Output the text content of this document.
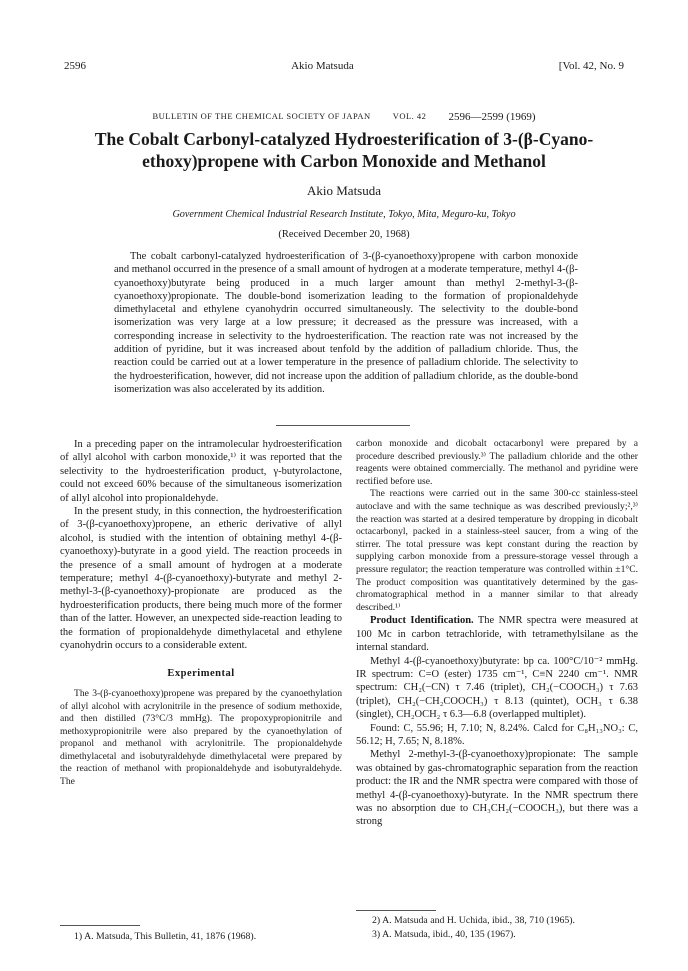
2596	Akio Matsuda	[Vol. 42, No. 9
BULLETIN OF THE CHEMICAL SOCIETY OF JAPAN	VOL. 42 2596—2599 (1969)
The Cobalt Carbonyl-catalyzed Hydroesterification of 3-(β-Cyano-
ethoxy)propene with Carbon Monoxide and Methanol
Akio Matsuda
Government Chemical Industrial Research Institute, Tokyo, Mita, Meguro-ku, Tokyo
(Received December 20, 1968)

The cobalt carbonyl-catalyzed hydroesterification of 3-(β-cyanoethoxy)propene with carbon monoxide and methanol occurred in the presence of a small amount of hydrogen at a moderate temperature, methyl 4-(β-cyanoethoxy)butyrate being produced in a much larger amount than methyl 2-methyl-3-(β-cyanoethoxy)propionate. The double-bond isomerization leading to the formation of propionaldehyde dimethylacetal and ethylene cyanohydrin occurred simultaneously. The selectivity to the double-bond isomerization was very large at a low pressure; it decreased as the pressure was increased, with a corresponding increase in selectivity to the hydroesterification. The reaction rate was not increased by the addition of pyridine, but it was increased about tenfold by the addition of palladium chloride. Thus, the reaction could be carried out at a lower temperature in the presence of palladium chloride. The selectivity to the hydroesterification, however, did not increase upon the addition of palladium chloride, as the double-bond isomerization was also accelerated by its addition.

In a preceding paper on the intramolecular hydroesterification of allyl alcohol with carbon monoxide,¹⁾ it was reported that the selectivity to the hydroesterification product, γ-butyrolactone, could not exceed 60% because of the simultaneous isomerization of allyl alcohol into propionaldehyde.

In the present study, in this connection, the hydroesterification of 3-(β-cyanoethoxy)propene, an etheric derivative of allyl alcohol, is studied with the intention of obtaining methyl 4-(β-cyanoethoxy)-butyrate in a good yield. The reaction proceeds in the presence of a small amount of hydrogen at a moderate temperature; methyl 4-(β-cyanoethoxy)-butyrate and methyl 2-methyl-3-(β-cyanoethoxy)-propionate are produced as the hydroesterification products, there being much more of the former than of the latter. However, an unexpected side-reaction leading to the formation of propionaldehyde dimethylacetal and ethylene cyanohydrin occurs to a considerable extent.

Experimental

The 3-(β-cyanoethoxy)propene was prepared by the cyanoethylation of allyl alcohol with acrylonitrile in the presence of sodium methoxide, and then distilled (73°C/3 mmHg). The propoxypropionitrile and methoxypropionitrile were also prepared by the cyanoethylation of propanol and methanol with acrylonitrile. The propionaldehyde dimethylacetal and isobutyraldehyde dimethylacetal were prepared by the reaction of methanol with propionaldehyde and isobutyraldehyde. The

1) A. Matsuda, This Bulletin, 41, 1876 (1968).

carbon monoxide and dicobalt octacarbonyl were prepared by a procedure described previously.³⁾ The palladium chloride and the other reagents were obtained commercially. The methanol and pyridine were rectified before use.

The reactions were carried out in the same 300-cc stainless-steel autoclave and with the same technique as was described previously;²,³⁾ the reaction was started at a desired temperature by dropping in dicobalt octacarbonyl, packed in a stainless-steel saucer, from a wing of the stirrer. The total pressure was kept constant during the reaction by supplying carbon monoxide from a pressure-storage vessel through a pressure regulator; the reaction temperature was controlled within ±1°C. The product composition was quantitatively determined by the gas-chromatographical method in a manner similar to that already described.¹⁾

Product Identification. The NMR spectra were measured at 100 Mc in carbon tetrachloride, with tetramethylsilane as the internal standard.

Methyl 4-(β-cyanoethoxy)butyrate: bp ca. 100°C/10⁻² mmHg. IR spectrum: C=O (ester) 1735 cm⁻¹, C≡N 2240 cm⁻¹. NMR spectrum: CH₂(−CN) τ 7.46 (triplet), CH₂(−COOCH₃) τ 7.63 (triplet), CH₂(−CH₂COOCH₃) τ 8.13 (quintet), OCH₃ τ 6.38 (singlet), CH₂OCH₂ τ 6.3—6.8 (overlapped multiplet).

Found: C, 55.96; H, 7.10; N, 8.24%. Calcd for C₈H₁₃NO₃: C, 56.12; H, 7.65; N, 8.18%.

Methyl 2-methyl-3-(β-cyanoethoxy)propionate: The sample was obtained by gas-chromatographic separation from the reaction product: the IR and the NMR spectra were compared with those of methyl 4-(β-cyanoethoxy)-butyrate. In the NMR spectrum there was no absorption due to CH₃CH₂(−COOCH₃), but there was a strong

2) A. Matsuda and H. Uchida, ibid., 38, 710 (1965).
3) A. Matsuda, ibid., 40, 135 (1967).
